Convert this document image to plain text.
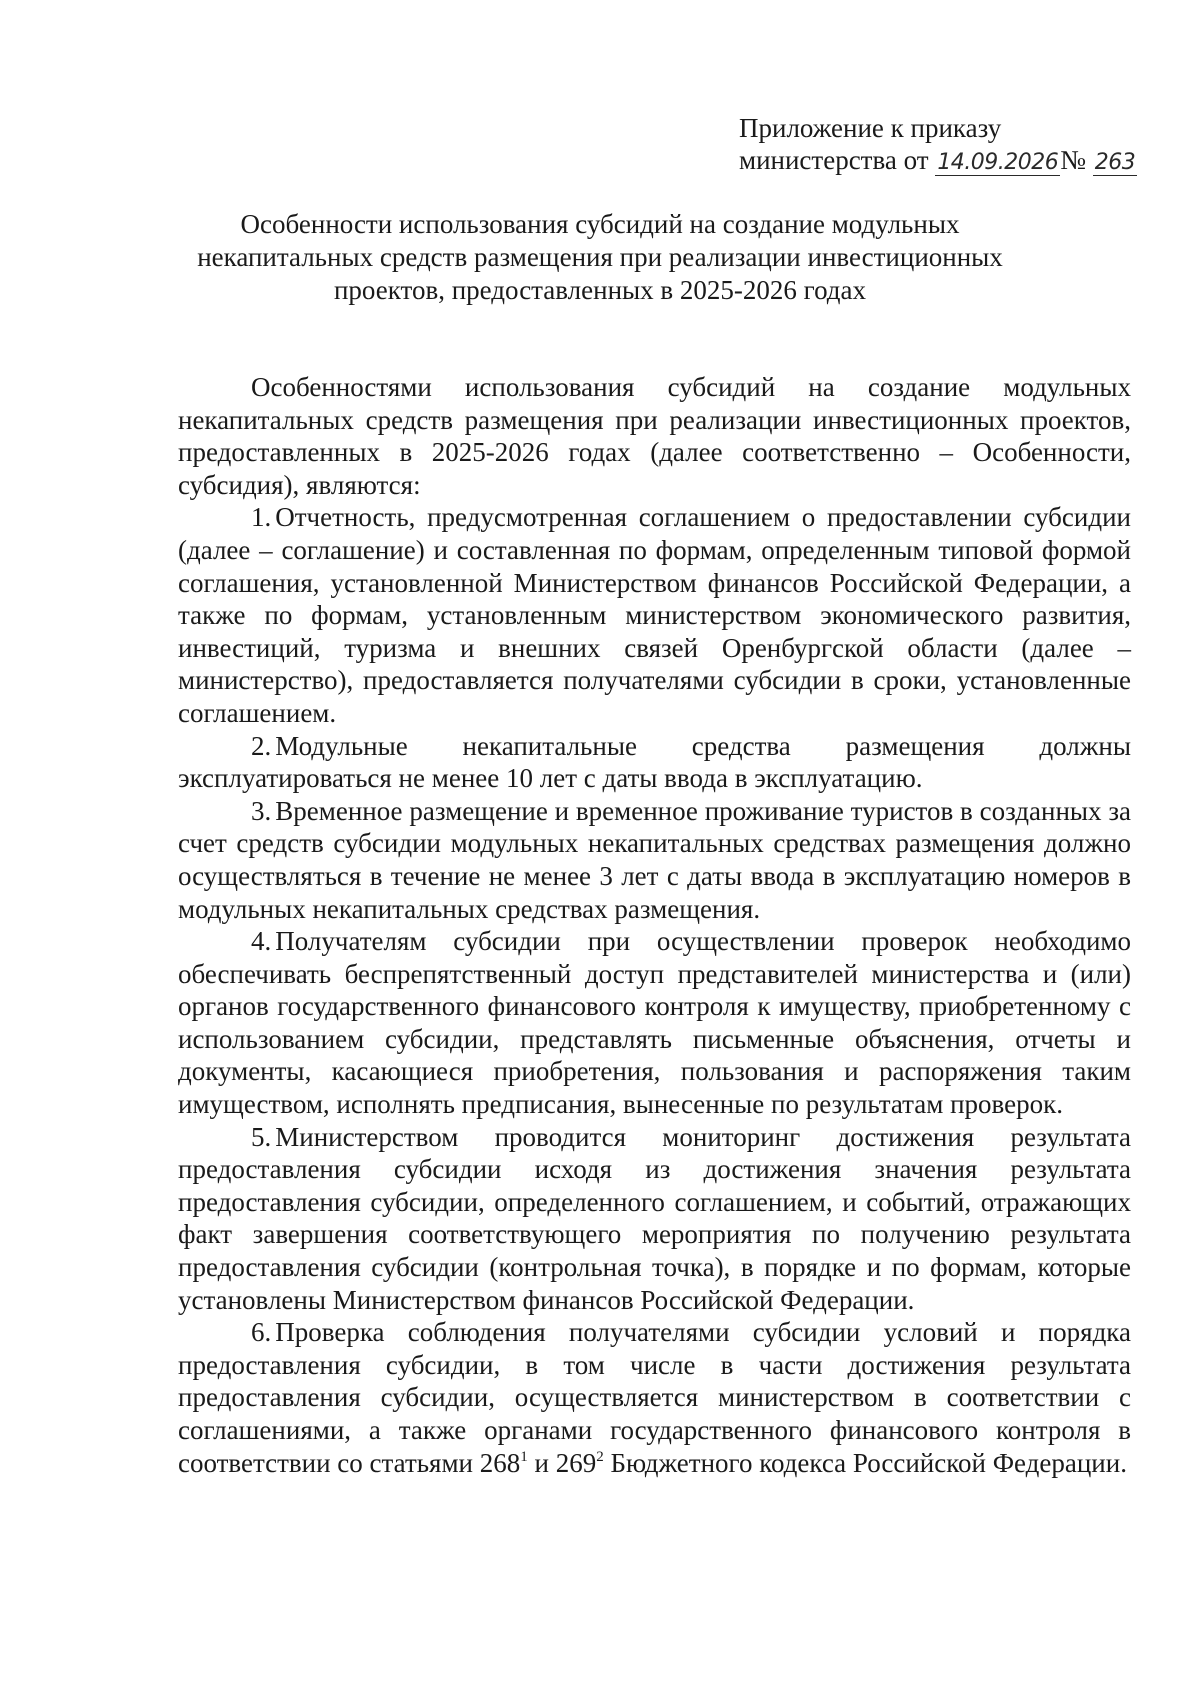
Приложение к приказу
министерства от 14.09.2026№ 263
Особенности использования субсидий на создание модульных
некапитальных средств размещения при реализации инвестиционных
проектов, предоставленных в 2025-2026 годах

Особенностями использования субсидий на создание модульных некапитальных средств размещения при реализации инвестиционных проектов, предоставленных в 2025-2026 годах (далее соответственно – Особенности, субсидия), являются:

1. Отчетность, предусмотренная соглашением о предоставлении субсидии (далее – соглашение) и составленная по формам, определенным типовой формой соглашения, установленной Министерством финансов Российской Федерации, а также по формам, установленным министерством экономического развития, инвестиций, туризма и внешних связей Оренбургской области (далее – министерство), предоставляется получателями субсидии в сроки, установленные соглашением.

2. Модульные некапитальные средства размещения должны эксплуатироваться не менее 10 лет с даты ввода в эксплуатацию.

3. Временное размещение и временное проживание туристов в созданных за счет средств субсидии модульных некапитальных средствах размещения должно осуществляться в течение не менее 3 лет с даты ввода в эксплуатацию номеров в модульных некапитальных средствах размещения.

4. Получателям субсидии при осуществлении проверок необходимо обеспечивать беспрепятственный доступ представителей министерства и (или) органов государственного финансового контроля к имуществу, приобретенному с использованием субсидии, представлять письменные объяснения, отчеты и документы, касающиеся приобретения, пользования и распоряжения таким имуществом, исполнять предписания, вынесенные по результатам проверок.

5. Министерством проводится мониторинг достижения результата предоставления субсидии исходя из достижения значения результата предоставления субсидии, определенного соглашением, и событий, отражающих факт завершения соответствующего мероприятия по получению результата предоставления субсидии (контрольная точка), в порядке и по формам, которые установлены Министерством финансов Российской Федерации.

6. Проверка соблюдения получателями субсидии условий и порядка предоставления субсидии, в том числе в части достижения результата предоставления субсидии, осуществляется министерством в соответствии с соглашениями, а также органами государственного финансового контроля в соответствии со статьями $268^1$ и $269^2$ Бюджетного кодекса Российской Федерации.
